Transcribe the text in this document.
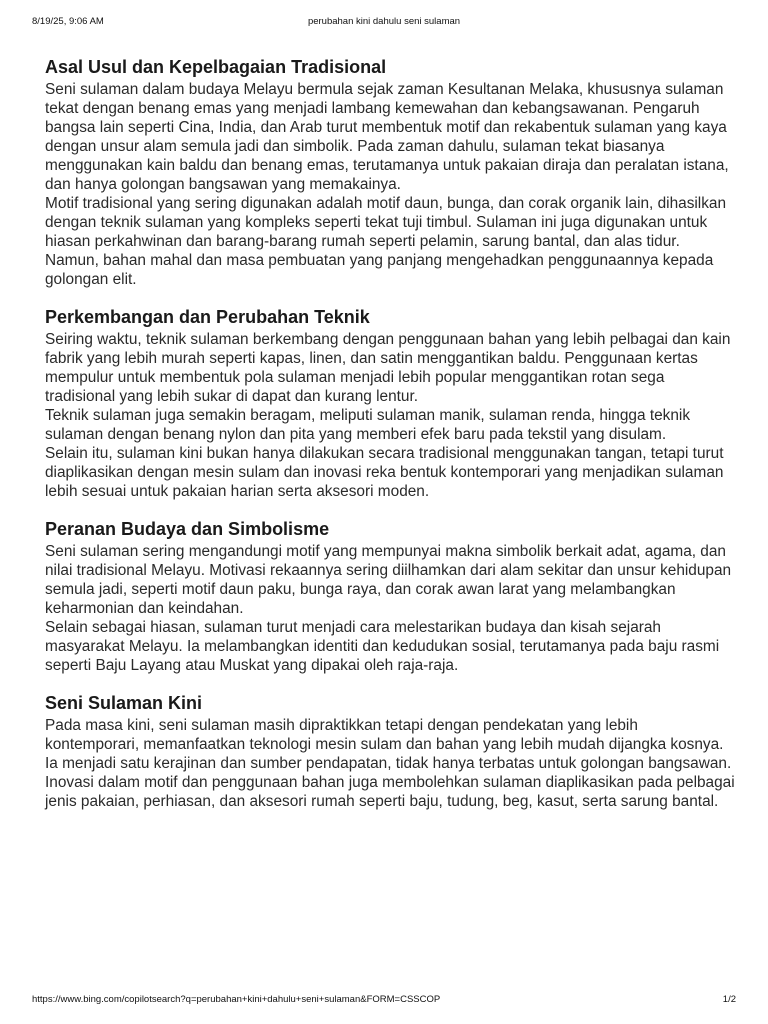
8/19/25, 9:06 AM	perubahan kini dahulu seni sulaman
Asal Usul dan Kepelbagaian Tradisional

Seni sulaman dalam budaya Melayu bermula sejak zaman Kesultanan Melaka, khususnya sulaman tekat dengan benang emas yang menjadi lambang kemewahan dan kebangsawanan. Pengaruh bangsa lain seperti Cina, India, dan Arab turut membentuk motif dan rekabentuk sulaman yang kaya dengan unsur alam semula jadi dan simbolik. Pada zaman dahulu, sulaman tekat biasanya menggunakan kain baldu dan benang emas, terutamanya untuk pakaian diraja dan peralatan istana, dan hanya golongan bangsawan yang memakainya.

Motif tradisional yang sering digunakan adalah motif daun, bunga, dan corak organik lain, dihasilkan dengan teknik sulaman yang kompleks seperti tekat tuji timbul. Sulaman ini juga digunakan untuk hiasan perkahwinan dan barang-barang rumah seperti pelamin, sarung bantal, dan alas tidur.

Namun, bahan mahal dan masa pembuatan yang panjang mengehadkan penggunaannya kepada golongan elit.

Perkembangan dan Perubahan Teknik

Seiring waktu, teknik sulaman berkembang dengan penggunaan bahan yang lebih pelbagai dan kain fabrik yang lebih murah seperti kapas, linen, dan satin menggantikan baldu. Penggunaan kertas mempulur untuk membentuk pola sulaman menjadi lebih popular menggantikan rotan sega tradisional yang lebih sukar di dapat dan kurang lentur.

Teknik sulaman juga semakin beragam, meliputi sulaman manik, sulaman renda, hingga teknik sulaman dengan benang nylon dan pita yang memberi efek baru pada tekstil yang disulam.

Selain itu, sulaman kini bukan hanya dilakukan secara tradisional menggunakan tangan, tetapi turut diaplikasikan dengan mesin sulam dan inovasi reka bentuk kontemporari yang menjadikan sulaman lebih sesuai untuk pakaian harian serta aksesori moden.

Peranan Budaya dan Simbolisme

Seni sulaman sering mengandungi motif yang mempunyai makna simbolik berkait adat, agama, dan nilai tradisional Melayu. Motivasi rekaannya sering diilhamkan dari alam sekitar dan unsur kehidupan semula jadi, seperti motif daun paku, bunga raya, dan corak awan larat yang melambangkan keharmonian dan keindahan.

Selain sebagai hiasan, sulaman turut menjadi cara melestarikan budaya dan kisah sejarah masyarakat Melayu. Ia melambangkan identiti dan kedudukan sosial, terutamanya pada baju rasmi seperti Baju Layang atau Muskat yang dipakai oleh raja-raja.

Seni Sulaman Kini

Pada masa kini, seni sulaman masih dipraktikkan tetapi dengan pendekatan yang lebih kontemporari, memanfaatkan teknologi mesin sulam dan bahan yang lebih mudah dijangka kosnya. Ia menjadi satu kerajinan dan sumber pendapatan, tidak hanya terbatas untuk golongan bangsawan.

Inovasi dalam motif dan penggunaan bahan juga membolehkan sulaman diaplikasikan pada pelbagai jenis pakaian, perhiasan, dan aksesori rumah seperti baju, tudung, beg, kasut, serta sarung bantal.

https://www.bing.com/copilotsearch?q=perubahan+kini+dahulu+seni+sulaman&FORM=CSSCOP	1/2
